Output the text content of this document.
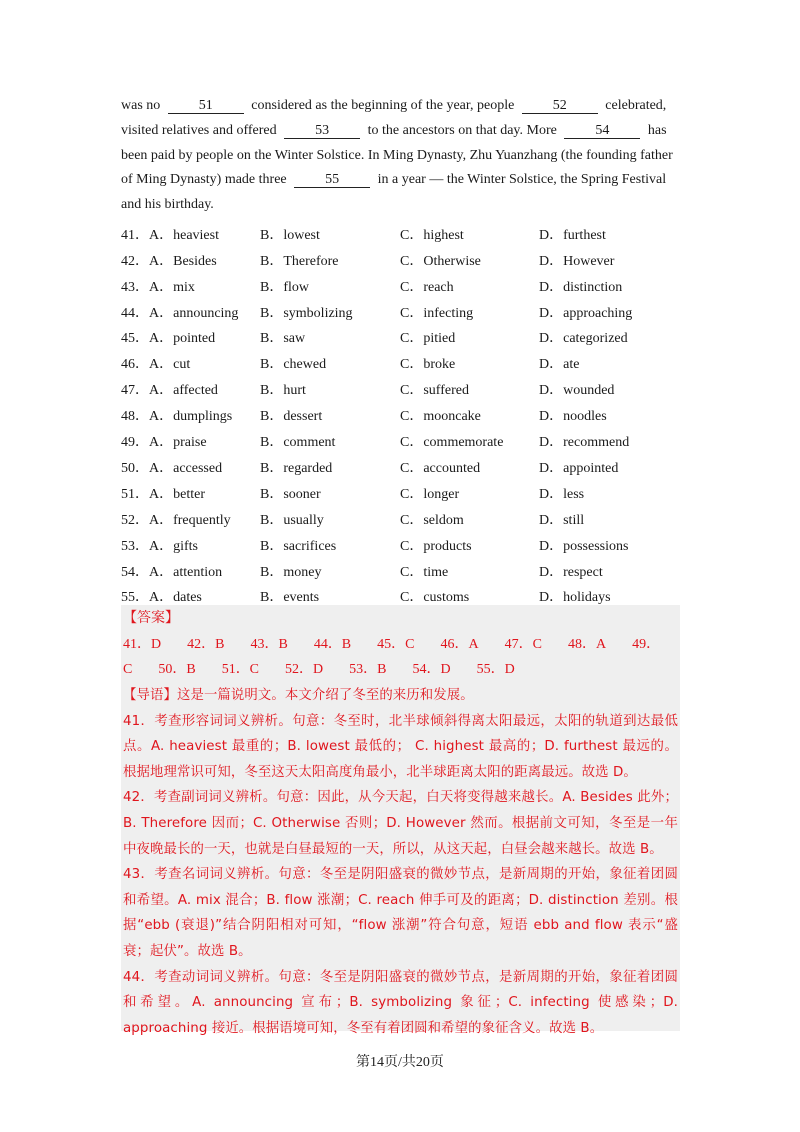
was no	51	considered as the beginning of the year, people	52	celebrated,
visited relatives and offered	53	to the ancestors on that day. More	54	has
been paid by people on the Winter Solstice. In Ming Dynasty, Zhu Yuanzhang (the founding father
of Ming Dynasty) made three	55	in a year — the Winter Solstice, the Spring Festival
and his birthday.

41．A．heaviest	B．lowest	C．highest	D．furthest
42．A．Besides	B．Therefore	C．Otherwise	D．However
43．A．mix	B．flow	C．reach	D．distinction
44．A．announcing	B．symbolizing	C．infecting	D．approaching
45．A．pointed	B．saw	C．pitied	D．categorized
46．A．cut	B．chewed	C．broke	D．ate
47．A．affected	B．hurt	C．suffered	D．wounded
48．A．dumplings	B．dessert	C．mooncake	D．noodles
49．A．praise	B．comment	C．commemorate	D．recommend
50．A．accessed	B．regarded	C．accounted	D．appointed
51．A．better	B．sooner	C．longer	D．less
52．A．frequently	B．usually	C．seldom	D．still
53．A．gifts	B．sacrifices	C．products	D．possessions
54．A．attention	B．money	C．time	D．respect
55．A．dates	B．events	C．customs	D．holidays

【答案】

41．D 42．B 43．B 44．B 45．C 46．A 47．C 48．A 49．

C 50．B 51．C 52．D 53．B 54．D 55．D

【导语】这是一篇说明文。本文介绍了冬至的来历和发展。

41．考查形容词词义辨析。句意：冬至时，北半球倾斜得离太阳最远，太阳的轨道到达最低点。A. heaviest 最重的；B. lowest 最低的； C. highest 最高的；D. furthest 最远的。根据地理常识可知，冬至这天太阳高度角最小，北半球距离太阳的距离最远。故选 D。

42．考查副词词义辨析。句意：因此，从今天起，白天将变得越来越长。A. Besides 此外；B. Therefore 因而；C. Otherwise 否则；D. However 然而。根据前文可知，冬至是一年中夜晚最长的一天，也就是白昼最短的一天，所以，从这天起，白昼会越来越长。故选 B。

43．考查名词词义辨析。句意：冬至是阴阳盛衰的微妙节点，是新周期的开始，象征着团圆和希望。A. mix 混合；B. flow 涨潮；C. reach 伸手可及的距离；D. distinction 差别。根据“ebb (衰退)”结合阴阳相对可知，“flow 涨潮”符合句意，短语 ebb and flow 表示“盛衰；起伏”。故选 B。

44．考查动词词义辨析。句意：冬至是阴阳盛衰的微妙节点，是新周期的开始，象征着团圆和希望。A. announcing 宣布；B. symbolizing 象征；C. infecting 使感染；D. approaching 接近。根据语境可知，冬至有着团圆和希望的象征含义。故选 B。

第14页/共20页
